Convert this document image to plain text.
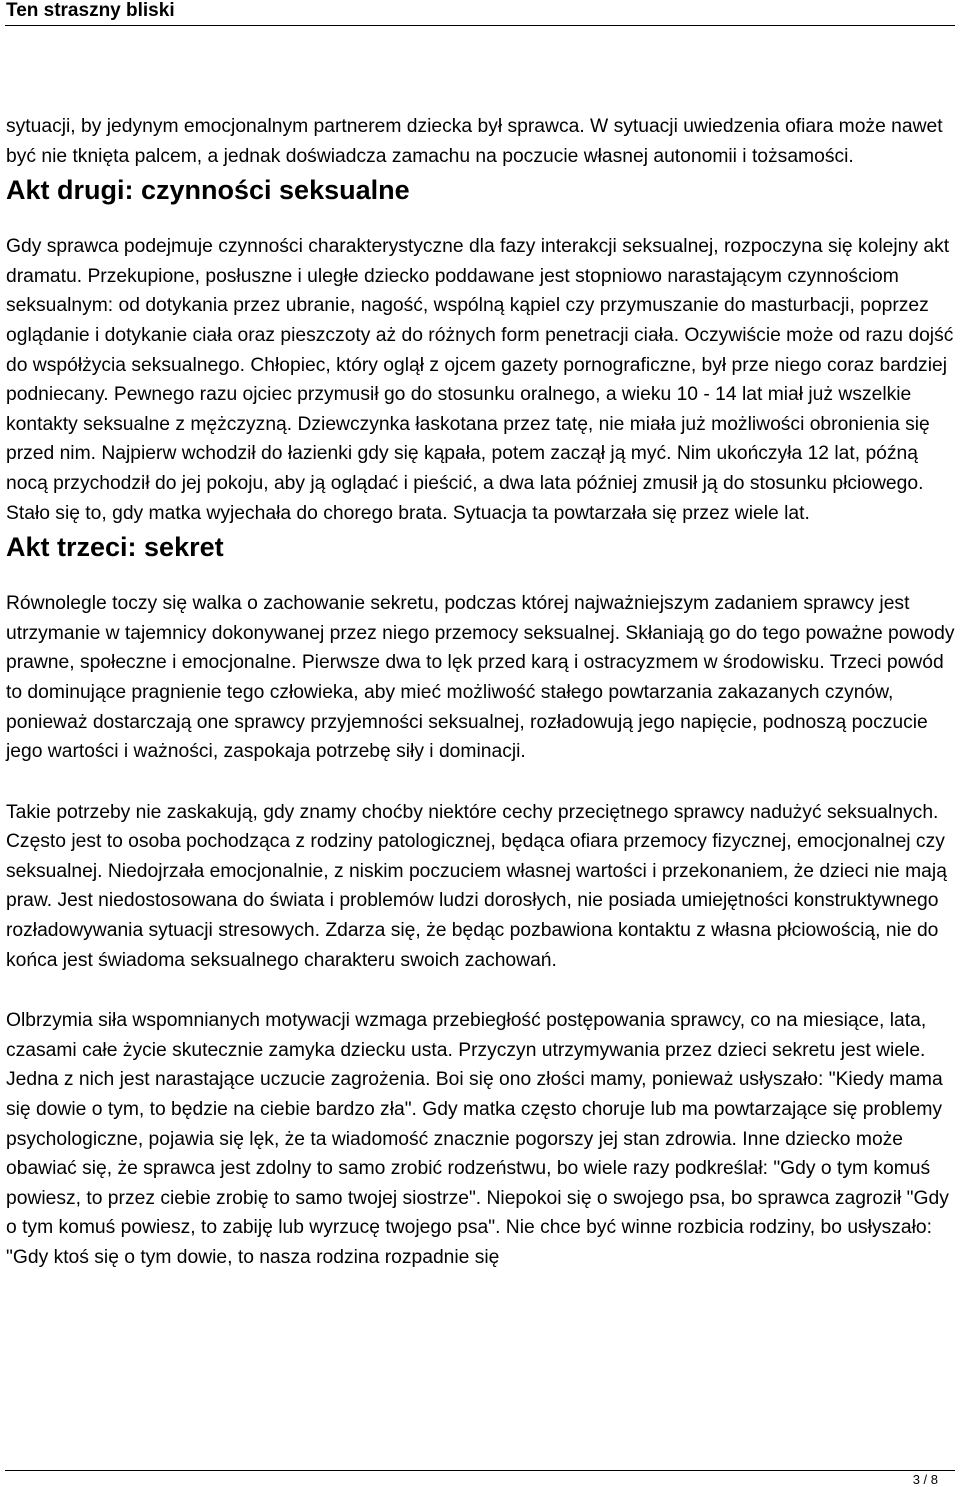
Ten straszny bliski

sytuacji, by jedynym emocjonalnym partnerem dziecka był sprawca. W sytuacji uwiedzenia ofiara może nawet być nie tknięta palcem, a jednak doświadcza zamachu na poczucie własnej autonomii i tożsamości.

Akt drugi: czynności seksualne

Gdy sprawca podejmuje czynności charakterystyczne dla fazy interakcji seksualnej, rozpoczyna się kolejny akt dramatu. Przekupione, posłuszne i uległe dziecko poddawane jest stopniowo narastającym czynnościom seksualnym: od dotykania przez ubranie, nagość, wspólną kąpiel czy przymuszanie do masturbacji, poprzez oglądanie i dotykanie ciała oraz pieszczoty aż do różnych form penetracji ciała. Oczywiście może od razu dojść do współżycia seksualnego. Chłopiec, który oglął z ojcem gazety pornograficzne, był prze niego coraz bardziej podniecany. Pewnego razu ojciec przymusił go do stosunku oralnego, a wieku 10 - 14 lat miał już wszelkie kontakty seksualne z mężczyzną. Dziewczynka łaskotana przez tatę, nie miała już możliwości obronienia się przed nim. Najpierw wchodził do łazienki gdy się kąpała, potem zaczął ją myć. Nim ukończyła 12 lat, późną nocą przychodził do jej pokoju, aby ją oglądać i pieścić, a dwa lata później zmusił ją do stosunku płciowego. Stało się to, gdy matka wyjechała do chorego brata. Sytuacja ta powtarzała się przez wiele lat.

Akt trzeci: sekret

Równolegle toczy się walka o zachowanie sekretu, podczas której najważniejszym zadaniem sprawcy jest utrzymanie w tajemnicy dokonywanej przez niego przemocy seksualnej. Skłaniają go do tego poważne powody prawne, społeczne i emocjonalne. Pierwsze dwa to lęk przed karą i ostracyzmem w środowisku. Trzeci powód to dominujące pragnienie tego człowieka, aby mieć możliwość stałego powtarzania zakazanych czynów, ponieważ dostarczają one sprawcy przyjemności seksualnej, rozładowują jego napięcie, podnoszą poczucie jego wartości i ważności, zaspokaja potrzebę siły i dominacji.

Takie potrzeby nie zaskakują, gdy znamy choćby niektóre cechy przeciętnego sprawcy nadużyć seksualnych. Często jest to osoba pochodząca z rodziny patologicznej, będąca ofiara przemocy fizycznej, emocjonalnej czy seksualnej. Niedojrzała emocjonalnie, z niskim poczuciem własnej wartości i przekonaniem, że dzieci nie mają praw. Jest niedostosowana do świata i problemów ludzi dorosłych, nie posiada umiejętności konstruktywnego rozładowywania sytuacji stresowych. Zdarza się, że będąc pozbawiona kontaktu z własna płciowością, nie do końca jest świadoma seksualnego charakteru swoich zachowań.

Olbrzymia siła wspomnianych motywacji wzmaga przebiegłość postępowania sprawcy, co na miesiące, lata, czasami całe życie skutecznie zamyka dziecku usta. Przyczyn utrzymywania przez dzieci sekretu jest wiele. Jedna z nich jest narastające uczucie zagrożenia. Boi się ono złości mamy, ponieważ usłyszało: "Kiedy mama się dowie o tym, to będzie na ciebie bardzo zła". Gdy matka często choruje lub ma powtarzające się problemy psychologiczne, pojawia się lęk, że ta wiadomość znacznie pogorszy jej stan zdrowia. Inne dziecko może obawiać się, że sprawca jest zdolny to samo zrobić rodzeństwu, bo wiele razy podkreślał: "Gdy o tym komuś powiesz, to przez ciebie zrobię to samo twojej siostrze". Niepokoi się o swojego psa, bo sprawca zagroził "Gdy o tym komuś powiesz, to zabiję lub wyrzucę twojego psa". Nie chce być winne rozbicia rodziny, bo usłyszało: "Gdy ktoś się o tym dowie, to nasza rodzina rozpadnie się

3 / 8
